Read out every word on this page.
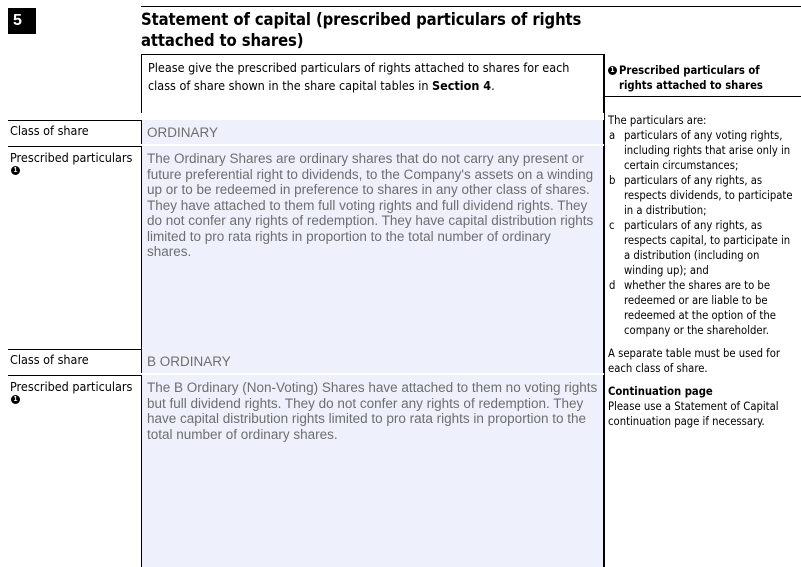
5	Statement of capital (prescribed particulars of rights attached to shares)
Please give the prescribed particulars of rights attached to shares for each class of share shown in the share capital tables in Section 4.
Class of share	ORDINARY
Prescribed particulars
1
The Ordinary Shares are ordinary shares that do not carry any present or future preferential right to dividends, to the Company's assets on a winding up or to be redeemed in preference to shares in any other class of shares. They have attached to them full voting rights and full dividend rights. They do not confer any rights of redemption. They have capital distribution rights limited to pro rata rights in proportion to the total number of ordinary shares.
Class of share	B ORDINARY
Prescribed particulars
1
The B Ordinary (Non-Voting) Shares have attached to them no voting rights but full dividend rights. They do not confer any rights of redemption. They have capital distribution rights limited to pro rata rights in proportion to the total number of ordinary shares.
1 Prescribed particulars of rights attached to shares
The particulars are:
a particulars of any voting rights, including rights that arise only in certain circumstances;
b particulars of any rights, as respects dividends, to participate in a distribution;
c particulars of any rights, as respects capital, to participate in a distribution (including on winding up); and
d whether the shares are to be redeemed or are liable to be redeemed at the option of the company or the shareholder.

A separate table must be used for each class of share.

Continuation page

Please use a Statement of Capital continuation page if necessary.
